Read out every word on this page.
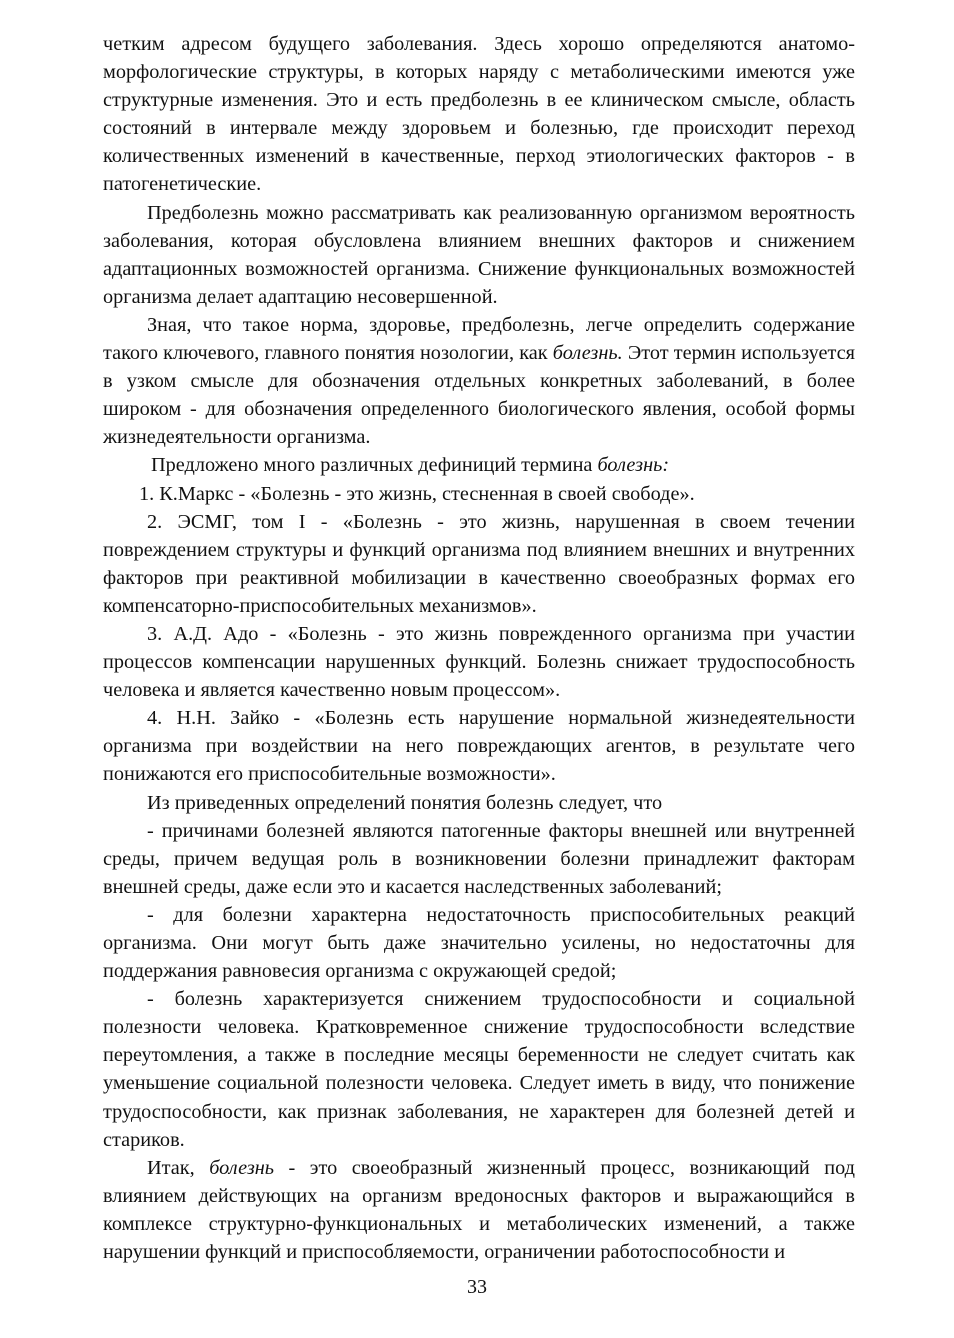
четким адресом будущего заболевания. Здесь хорошо определяются анатомо-морфологические структуры, в которых наряду с метаболическими имеются уже структурные изменения. Это и есть предболезнь в ее клиническом смысле, область состояний в интервале между здоровьем и болезнью, где происходит переход количественных изменений в качественные, перход этиологических факторов - в патогенетические.

Предболезнь можно рассматривать как реализованную организмом вероятность заболевания, которая обусловлена влиянием внешних факторов и снижением адаптационных возможностей организма. Снижение функциональных возможностей организма делает адаптацию несовершенной.

Зная, что такое норма, здоровье, предболезнь, легче определить содержание такого ключевого, главного понятия нозологии, как болезнь. Этот термин используется в узком смысле для обозначения отдельных конкретных заболеваний, в более широком - для обозначения определенного биологического явления, особой формы жизнедеятельности организма.

Предложено много различных дефиниций термина болезнь:

1. К.Маркс - «Болезнь - это жизнь, стесненная в своей свободе».

2. ЭСМГ, том I - «Болезнь - это жизнь, нарушенная в своем течении повреждением структуры и функций организма под влиянием внешних и внутренних факторов при реактивной мобилизации в качественно своеобразных формах его компенсаторно-приспособительных механизмов».

3. А.Д. Адо - «Болезнь - это жизнь поврежденного организма при участии процессов компенсации нарушенных функций. Болезнь снижает трудоспособность человека и является качественно новым процессом».

4. Н.Н. Зайко - «Болезнь есть нарушение нормальной жизнедеятельности организма при воздействии на него повреждающих агентов, в результате чего понижаются его приспособительные возможности».

Из приведенных определений понятия болезнь следует, что

- причинами болезней являются патогенные факторы внешней или внутренней среды, причем ведущая роль в возникновении болезни принадлежит факторам внешней среды, даже если это и касается наследственных заболеваний;

- для болезни характерна недостаточность приспособительных реакций организма. Они могут быть даже значительно усилены, но недостаточны для поддержания равновесия организма с окружающей средой;

- болезнь характеризуется снижением трудоспособности и социальной полезности человека. Кратковременное снижение трудоспособности вследствие переутомления, а также в последние месяцы беременности не следует считать как уменьшение социальной полезности человека. Следует иметь в виду, что понижение трудоспособности, как признак заболевания, не характерен для болезней детей и стариков.

Итак, болезнь - это своеобразный жизненный процесс, возникающий под влиянием действующих на организм вредоносных факторов и выражающийся в комплексе структурно-функциональных и метаболических изменений, а также нарушении функций и приспособляемости, ограничении работоспособности и

33
